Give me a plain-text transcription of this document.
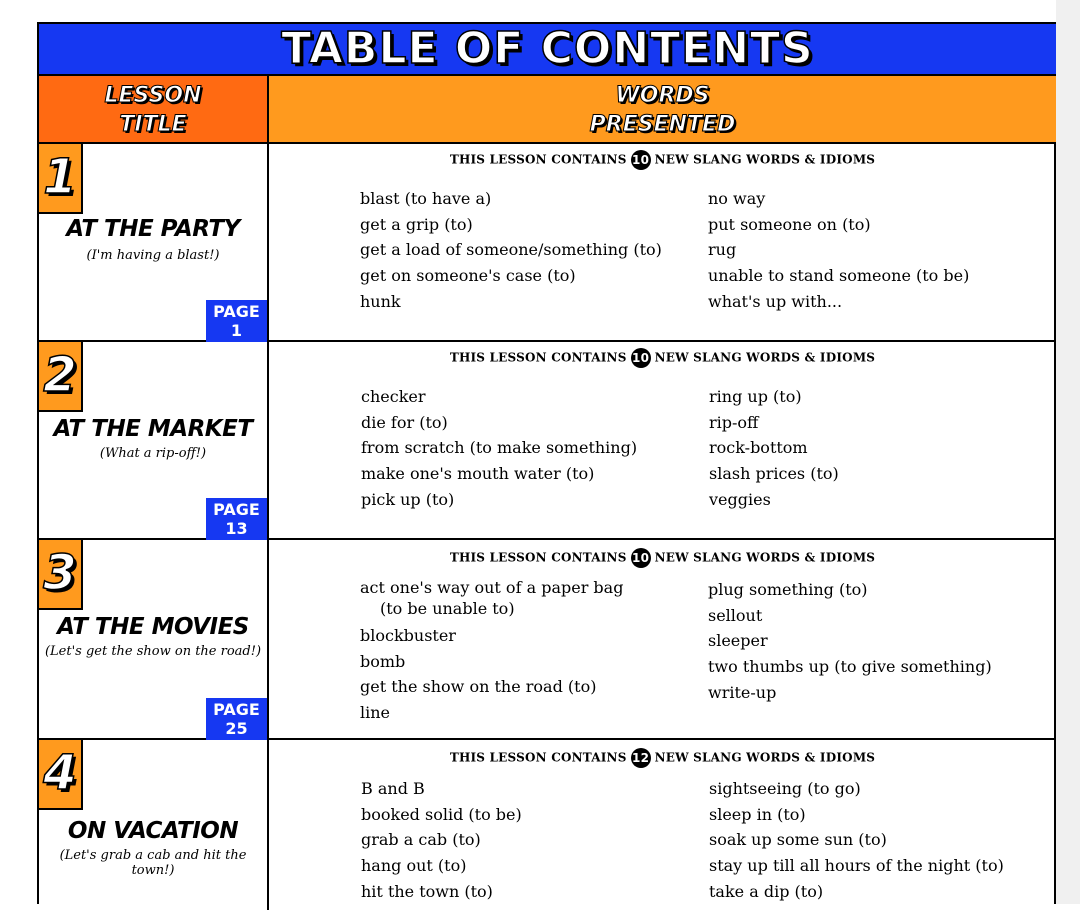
TABLE OF CONTENTS
LESSON
TITLE
WORDS
PRESENTED
1
AT THE PARTY
(I'm having a blast!)
PAGE
1
THIS LESSON CONTAINS 10 NEW SLANG WORDS & IDIOMS
blast (to have a)
get a grip (to)
get a load of someone/something (to)
get on someone's case (to)
hunk
no way
put someone on (to)
rug
unable to stand someone (to be)
what's up with...
2
AT THE MARKET
(What a rip-off!)
PAGE
13
THIS LESSON CONTAINS 10 NEW SLANG WORDS & IDIOMS
checker
die for (to)
from scratch (to make something)
make one's mouth water (to)
pick up (to)
ring up (to)
rip-off
rock-bottom
slash prices (to)
veggies
3
AT THE MOVIES
(Let's get the show on the road!)
PAGE
25
THIS LESSON CONTAINS 10 NEW SLANG WORDS & IDIOMS
act one's way out of a paper bag
(to be unable to)
blockbuster
bomb
get the show on the road (to)
line
plug something (to)
sellout
sleeper
two thumbs up (to give something)
write-up
4
ON VACATION
(Let's grab a cab and hit the town!)
THIS LESSON CONTAINS 12 NEW SLANG WORDS & IDIOMS
B and B
booked solid (to be)
grab a cab (to)
hang out (to)
hit the town (to)
sightseeing (to go)
sleep in (to)
soak up some sun (to)
stay up till all hours of the night (to)
take a dip (to)
